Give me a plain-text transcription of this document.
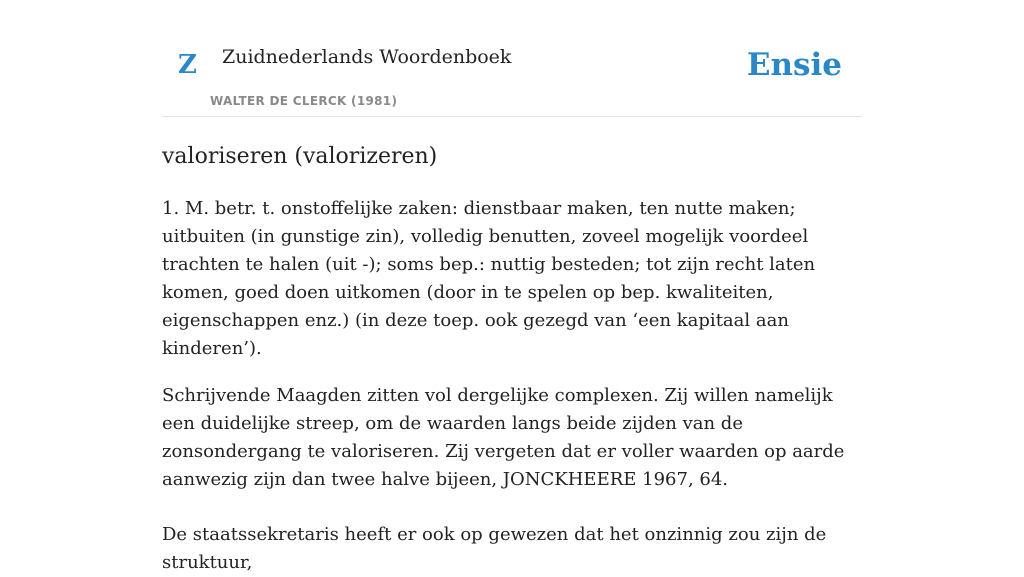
Z Zuidnederlands Woordenboek
WALTER DE CLERCK (1981)
Ensie
valoriseren (valorizeren)

1. M. betr. t. onstoffelijke zaken: dienstbaar maken, ten nutte maken; uitbuiten (in gunstige zin), volledig benutten, zoveel mogelijk voordeel trachten te halen (uit -); soms bep.: nuttig besteden; tot zijn recht laten komen, goed doen uitkomen (door in te spelen op bep. kwaliteiten, eigenschappen enz.) (in deze toep. ook gezegd van ‘een kapitaal aan kinderen’).

Schrijvende Maagden zitten vol dergelijke complexen. Zij willen namelijk een duidelijke streep, om de waarden langs beide zijden van de zonsondergang te valoriseren. Zij vergeten dat er voller waarden op aarde aanwezig zijn dan twee halve bijeen, JONCKHEERE 1967, 64.

De staatssekretaris heeft er ook op gewezen dat het onzinnig zou zijn de struktuur,
